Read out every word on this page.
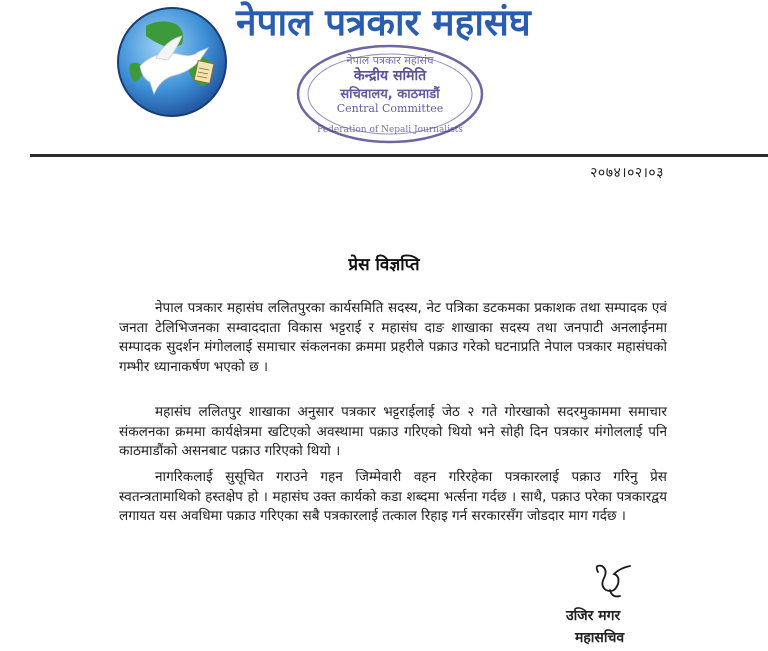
नेपाल पत्रकार महासंघ
नेपाल पत्रकार महासंघ
केन्द्रीय समिति
सचिवालय, काठमाडौं
Central Committee
Federation of Nepali Journalists
२०७४।०२।०३
प्रेस विज्ञप्ति

नेपाल पत्रकार महासंघ ललितपुरका कार्यसमिति सदस्य, नेट पत्रिका डटकमका प्रकाशक तथा सम्पादक एवं जनता टेलिभिजनका सम्वाददाता विकास भट्टराई र महासंघ दाङ शाखाका सदस्य तथा जनपाटी अनलाईनमा सम्पादक सुदर्शन मंगोललाई समाचार संकलनका क्रममा प्रहरीले पक्राउ गरेको घटनाप्रति नेपाल पत्रकार महासंघको गम्भीर ध्यानाकर्षण भएको छ ।

महासंघ ललितपुर शाखाका अनुसार पत्रकार भट्टराईलाई जेठ २ गते गोरखाको सदरमुकाममा समाचार संकलनका क्रममा कार्यक्षेत्रमा खटिएको अवस्थामा पक्राउ गरिएको थियो भने सोही दिन पत्रकार मंगोललाई पनि काठमाडौंको असनबाट पक्राउ गरिएको थियो ।

नागरिकलाई सुसूचित गराउने गहन जिम्मेवारी वहन गरिरहेका पत्रकारलाई पक्राउ गरिनु प्रेस स्वतन्त्रतामाथिको हस्तक्षेप हो । महासंघ उक्त कार्यको कडा शब्दमा भर्त्सना गर्दछ । साथै, पक्राउ परेका पत्रकारद्वय लगायत यस अवधिमा पक्राउ गरिएका सबै पत्रकारलाई तत्काल रिहाइ गर्न सरकारसँग जोडदार माग गर्दछ ।

उजिर मगर
महासचिव
